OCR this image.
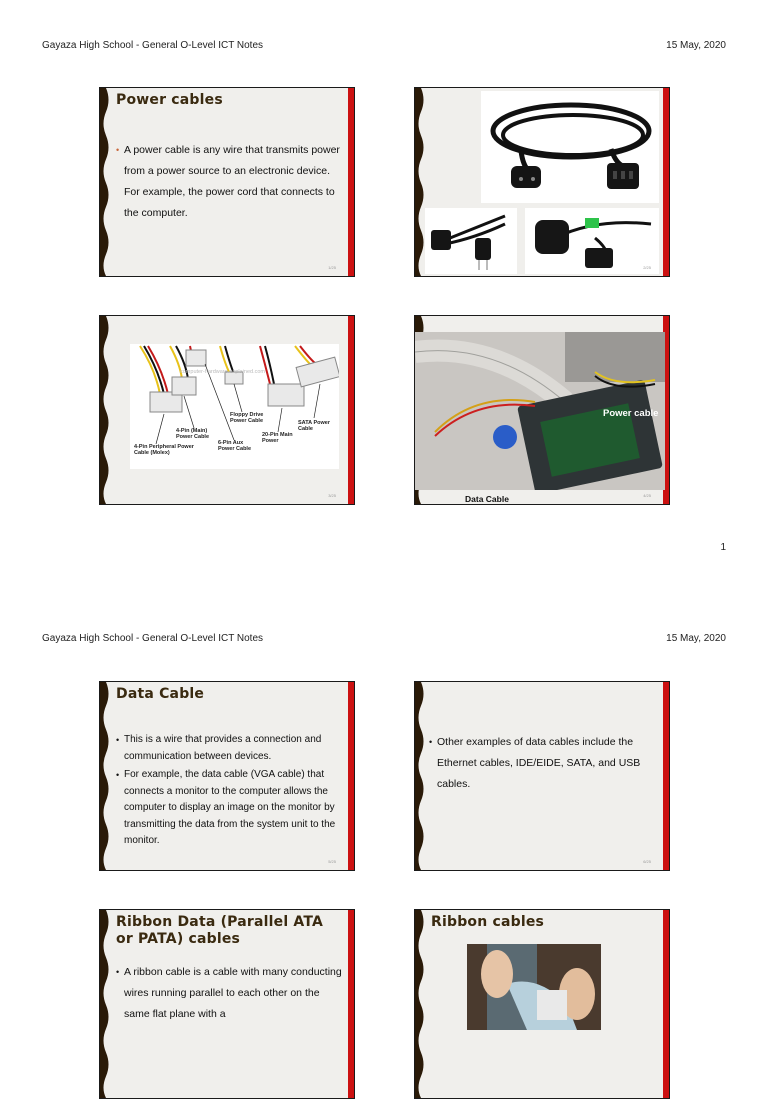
Gayaza High School - General O-Level ICT Notes	15 May, 2020
Power cables
• A power cable is any wire that transmits power from a power source to an electronic device. For example, the power cord that connects to the computer.
1/25	2/25
computer-hardware-explained.com
4-Pin Peripheral Power Cable (Molex)
4-Pin (Main) Power Cable
6-Pin Aux Power Cable
Floppy Drive Power Cable
20-Pin Main Power
SATA Power Cable
3/25
Power cable
Data Cable	4/25
1
Gayaza High School - General O-Level ICT Notes	15 May, 2020
Data Cable
• This is a wire that provides a connection and communication between devices.
• For example, the data cable (VGA cable) that connects a monitor to the computer allows the computer to display an image on the monitor by transmitting the data from the system unit to the monitor.
5/25
• Other examples of data cables include the Ethernet cables, IDE/EIDE, SATA, and USB cables.
6/25
Ribbon Data (Parallel ATA or PATA) cables
• A ribbon cable is a cable with many conducting wires running parallel to each other on the same flat plane with a
Ribbon cables
